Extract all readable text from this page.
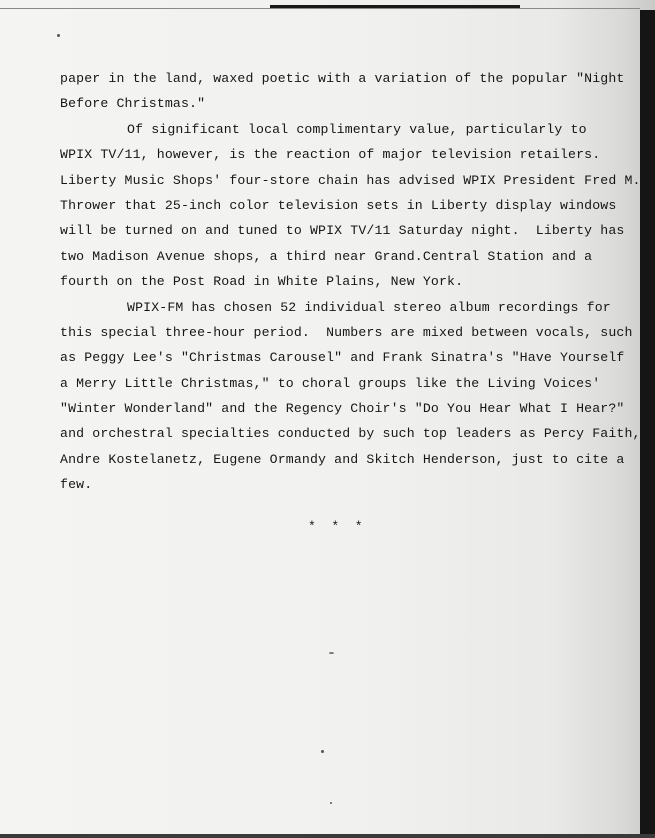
paper in the land, waxed poetic with a variation of the popular "Night
Before Christmas."
Of significant local complimentary value, particularly to
WPIX TV/11, however, is the reaction of major television retailers.
Liberty Music Shops' four-store chain has advised WPIX President Fred M.
Thrower that 25-inch color television sets in Liberty display windows
will be turned on and tuned to WPIX TV/11 Saturday night.  Liberty has
two Madison Avenue shops, a third near Grand.Central Station and a
fourth on the Post Road in White Plains, New York.
WPIX-FM has chosen 52 individual stereo album recordings for
this special three-hour period.  Numbers are mixed between vocals, such
as Peggy Lee's "Christmas Carousel" and Frank Sinatra's "Have Yourself
a Merry Little Christmas," to choral groups like the Living Voices'
"Winter Wonderland" and the Regency Choir's "Do You Hear What I Hear?"
and orchestral specialties conducted by such top leaders as Percy Faith,
Andre Kostelanetz, Eugene Ormandy and Skitch Henderson, just to cite a
few.
*  *  *
